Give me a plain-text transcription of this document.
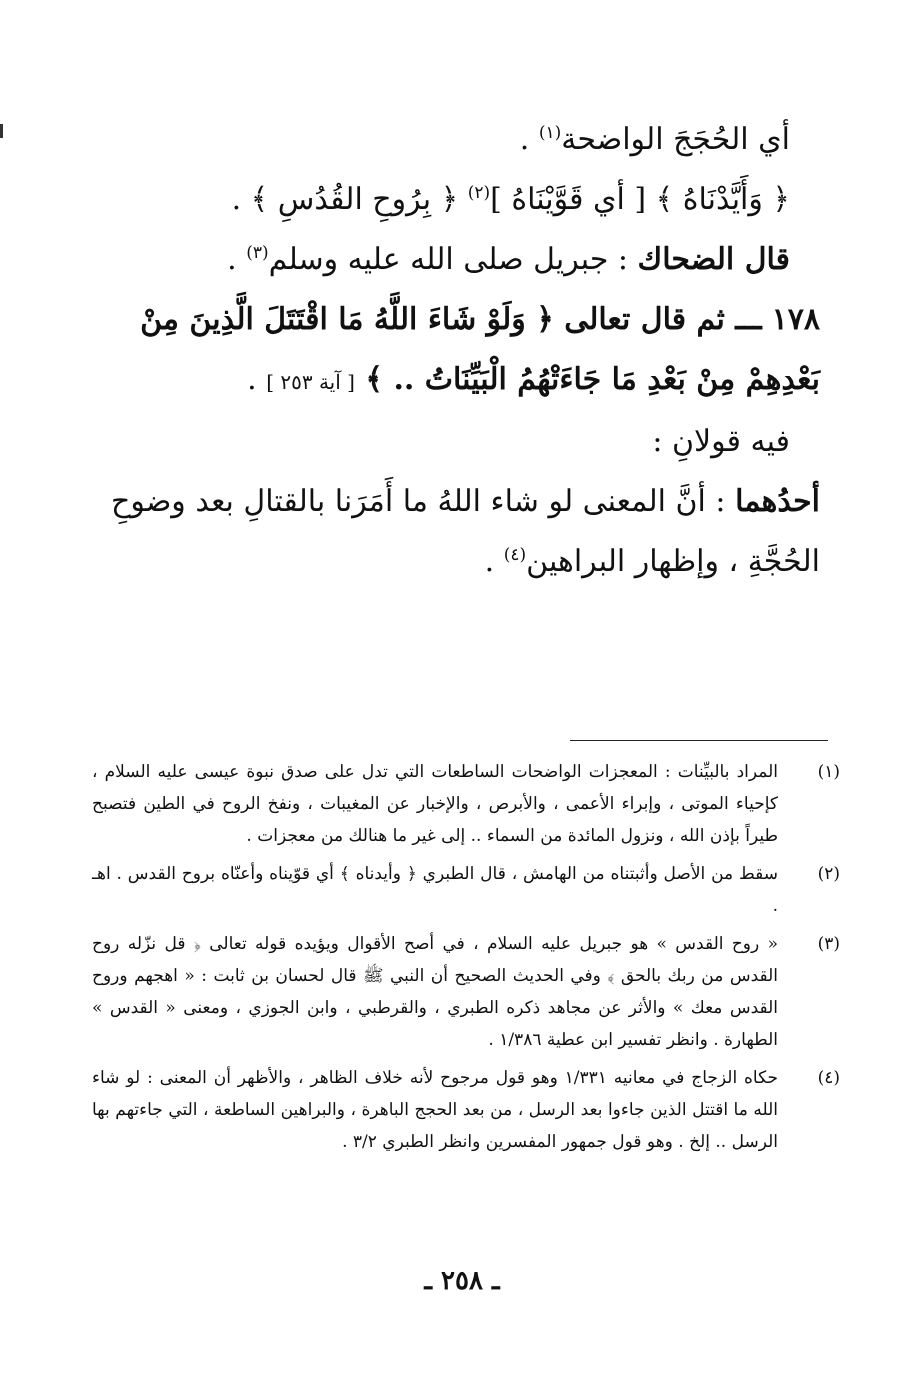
أي الحُجَجَ الواضحة$^{(١)}$ .
﴿ وَأَيَّدْنَاهُ ﴾ [ أي قَوَّيْنَاهُ ]$^{(٢)}$ ﴿ بِرُوحِ القُدُسِ ﴾ .
قال الضحاك : جبريل صلى الله عليه وسلم$^{(٣)}$ .
١٧٨ـــ ثم قال تعالى ﴿ وَلَوْ شَاءَ اللَّهُ مَا اقْتَتَلَ الَّذِينَ مِنْ بَعْدِهِمْ مِنْ بَعْدِ مَا جَاءَتْهُمُ الْبَيِّنَاتُ .. ﴾ [ آية ٢٥٣ ] .
فيه قولانِ :
أحدُهما : أنَّ المعنى لو شاء اللهُ ما أَمَرَنا بالقتالِ بعد وضوحِ الحُجَّةِ ، وإظهار البراهين$^{(٤)}$ .
(١)
المراد بالبيِّنات : المعجزات الواضحات الساطعات التي تدل على صدق نبوة عيسى عليه السلام ، كإحياء الموتى ، وإبراء الأعمى ، والأبرص ، والإخبار عن المغيبات ، ونفخ الروح في الطين فتصبح طيراً بإذن الله ، ونزول المائدة من السماء .. إلى غير ما هنالك من معجزات .
(٢)
سقط من الأصل وأثبتناه من الهامش ، قال الطبري ﴿ وأيدناه ﴾ أي قوّيناه وأعنّاه بروح القدس . اهـ .
(٣)
« روح القدس » هو جبريل عليه السلام ، في أصح الأقوال ويؤيده قوله تعالى ﴿ قل نزّله روح القدس من ربك بالحق ﴾ وفي الحديث الصحيح أن النبي ﷺ قال لحسان بن ثابت : « اهجهم وروح القدس معك » والأثر عن مجاهد ذكره الطبري ، والقرطبي ، وابن الجوزي ، ومعنى « القدس » الطهارة . وانظر تفسير ابن عطية ١/٣٨٦ .
(٤)
حكاه الزجاج في معانيه ١/٣٣١ وهو قول مرجوح لأنه خلاف الظاهر ، والأظهر أن المعنى : لو شاء الله ما اقتتل الذين جاءوا بعد الرسل ، من بعد الحجج الباهرة ، والبراهين الساطعة ، التي جاءتهم بها الرسل .. إلخ . وهو قول جمهور المفسرين وانظر الطبري ٣/٢ .
ـ ٢٥٨ ـ
